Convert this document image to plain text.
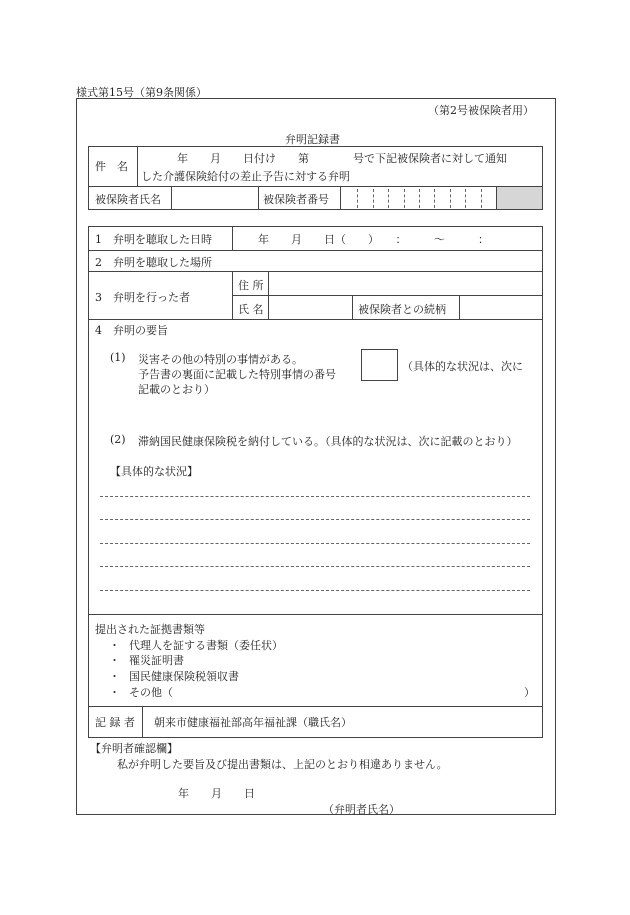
様式第15号（第9条関係）
（第2号被保険者用）
弁明記録書
件　名
年　　月　　日付け　　第　　　　号で下記被保険者に対して通知
した介護保険給付の差止予告に対する弁明
被保険者氏名	被保険者番号
1　弁明を聴取した日時	年　　月　　日（　　）　　：　　　～　　　：
2　弁明を聴取した場所
3　弁明を行った者
住 所
氏 名	被保険者との続柄
4　弁明の要旨
(1) 災害その他の特別の事情がある。
予告書の裏面に記載した特別事情の番号
記載のとおり）
（具体的な状況は、次に
(2) 滞納国民健康保険税を納付している。（具体的な状況は、次に記載のとおり）
【具体的な状況】
提出された証拠書類等
・ 代理人を証する書類（委任状）
・ 罹災証明書
・ 国民健康保険税領収書
・ その他（	）
記 録 者 朝来市健康福祉部高年福祉課（職氏名）
【弁明者確認欄】
私が弁明した要旨及び提出書類は、上記のとおり相違ありません。
年　　月　　日
（弁明者氏名）
